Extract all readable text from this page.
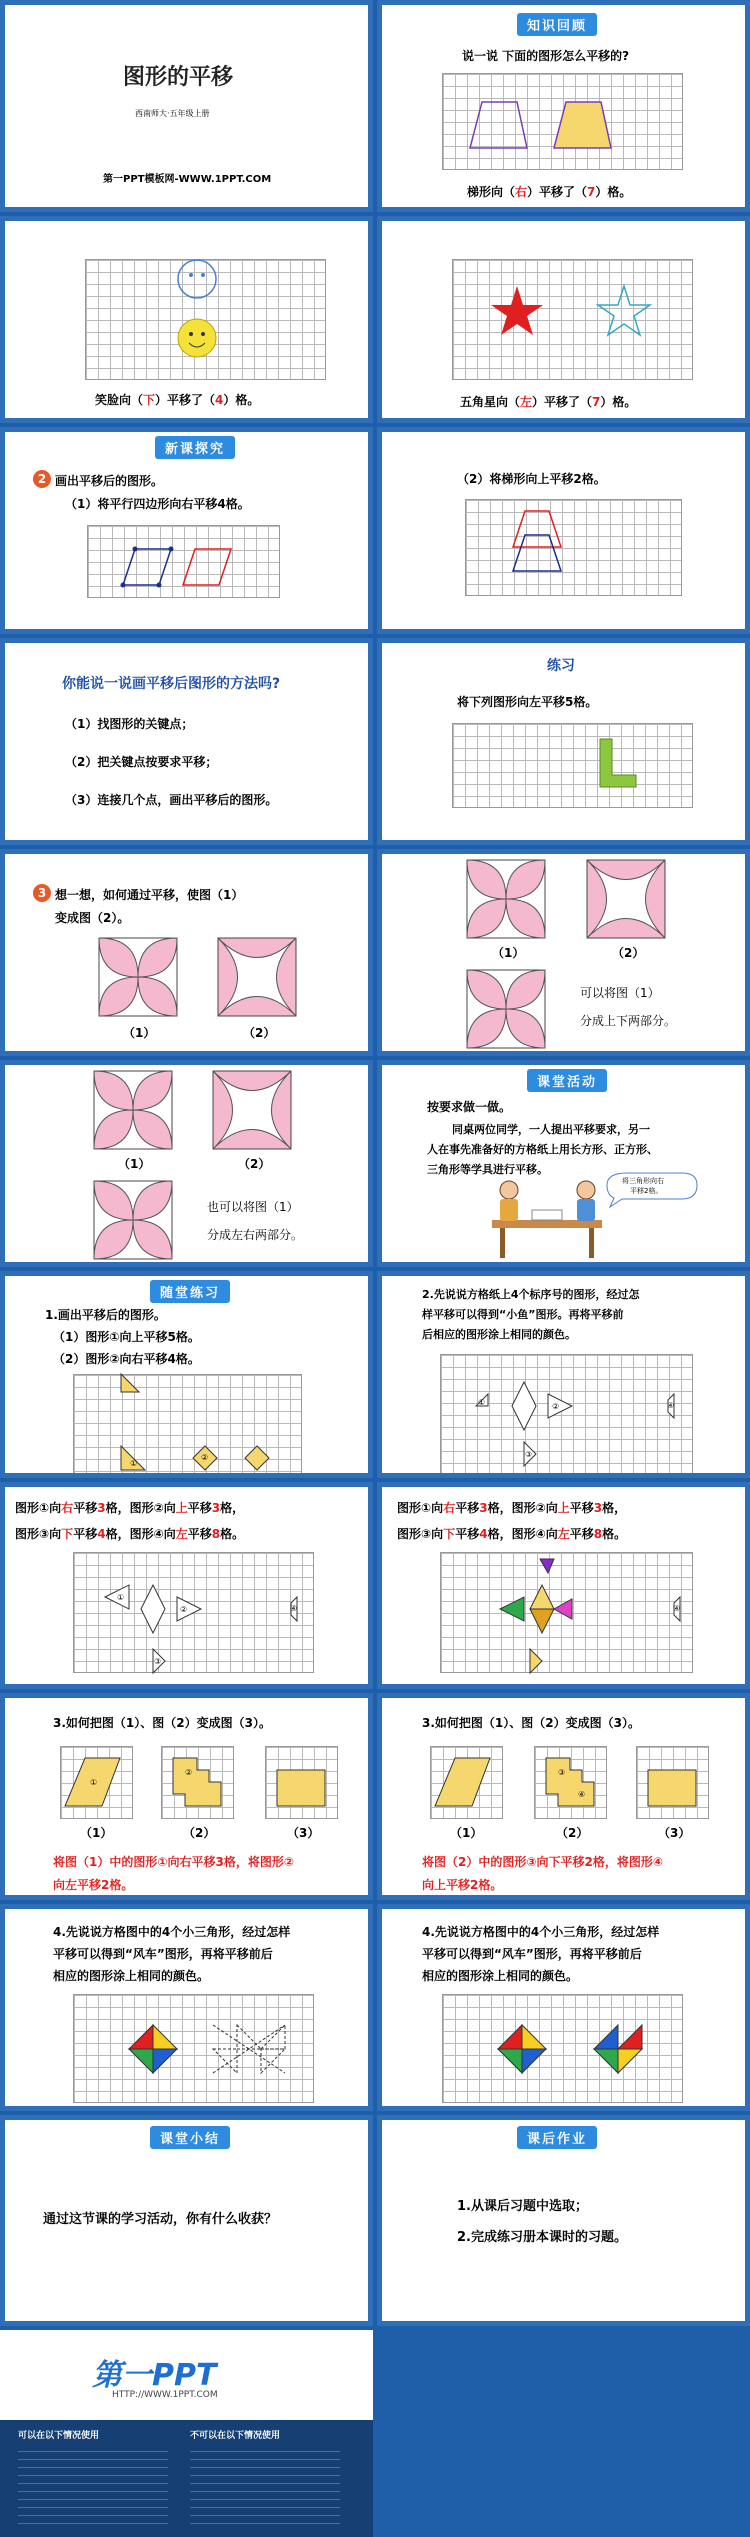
图形的平移
西南师大·五年级上册
第一PPT模板网-WWW.1PPT.COM
知识回顾
说一说 下面的图形怎么平移的?
梯形向（右）平移了（7）格。
笑脸向（下）平移了（4）格。	五角星向（左）平移了（7）格。
新课探究
2 画出平移后的图形。
（1）将平行四边形向右平移4格。
（2）将梯形向上平移2格。
你能说一说画平移后图形的方法吗?
（1）找图形的关键点；
（2）把关键点按要求平移；
（3）连接几个点，画出平移后的图形。
练习
将下列图形向左平移5格。
3 想一想，如何通过平移，使图（1）
变成图（2）。
（1）	（2）
（1）	（2）
可以将图（1）
分成上下两部分。
（1）	（2）
也可以将图（1）
分成左右两部分。
课堂活动
按要求做一做。
同桌两位同学，一人提出平移要求，另一
人在事先准备好的方格纸上用长方形、正方形、
三角形等学具进行平移。
将三角形向右
平移2格。
随堂练习
1.画出平移后的图形。
（1）图形①向上平移5格。
（2）图形②向右平移4格。
①
②
2.先说说方格纸上4个标序号的图形，经过怎
样平移可以得到“小鱼”图形。再将平移前
后相应的图形涂上相同的颜色。
①	②
③
④
图形①向右平移3格，图形②向上平移3格，
图形③向下平移4格，图形④向左平移8格。
①
②
③
④
图形①向右平移3格，图形②向上平移3格，
图形③向下平移4格，图形④向左平移8格。
④
3.如何把图（1）、图（2）变成图（3）。
①
②
（1）	（2）	（3）
将图（1）中的图形①向右平移3格，将图形②
向左平移2格。
3.如何把图（1）、图（2）变成图（3）。
③
④
（1）	（2）	（3）
将图（2）中的图形③向下平移2格，将图形④
向上平移2格。
4.先说说方格图中的4个小三角形，经过怎样
平移可以得到“风车”图形，再将平移前后
相应的图形涂上相同的颜色。
4.先说说方格图中的4个小三角形，经过怎样
平移可以得到“风车”图形，再将平移前后
相应的图形涂上相同的颜色。
课堂小结
通过这节课的学习活动，你有什么收获？
课后作业
1.从课后习题中选取；
2.完成练习册本课时的习题。
第一PPT
HTTP://WWW.1PPT.COM
可以在以下情况使用	不可以在以下情况使用
